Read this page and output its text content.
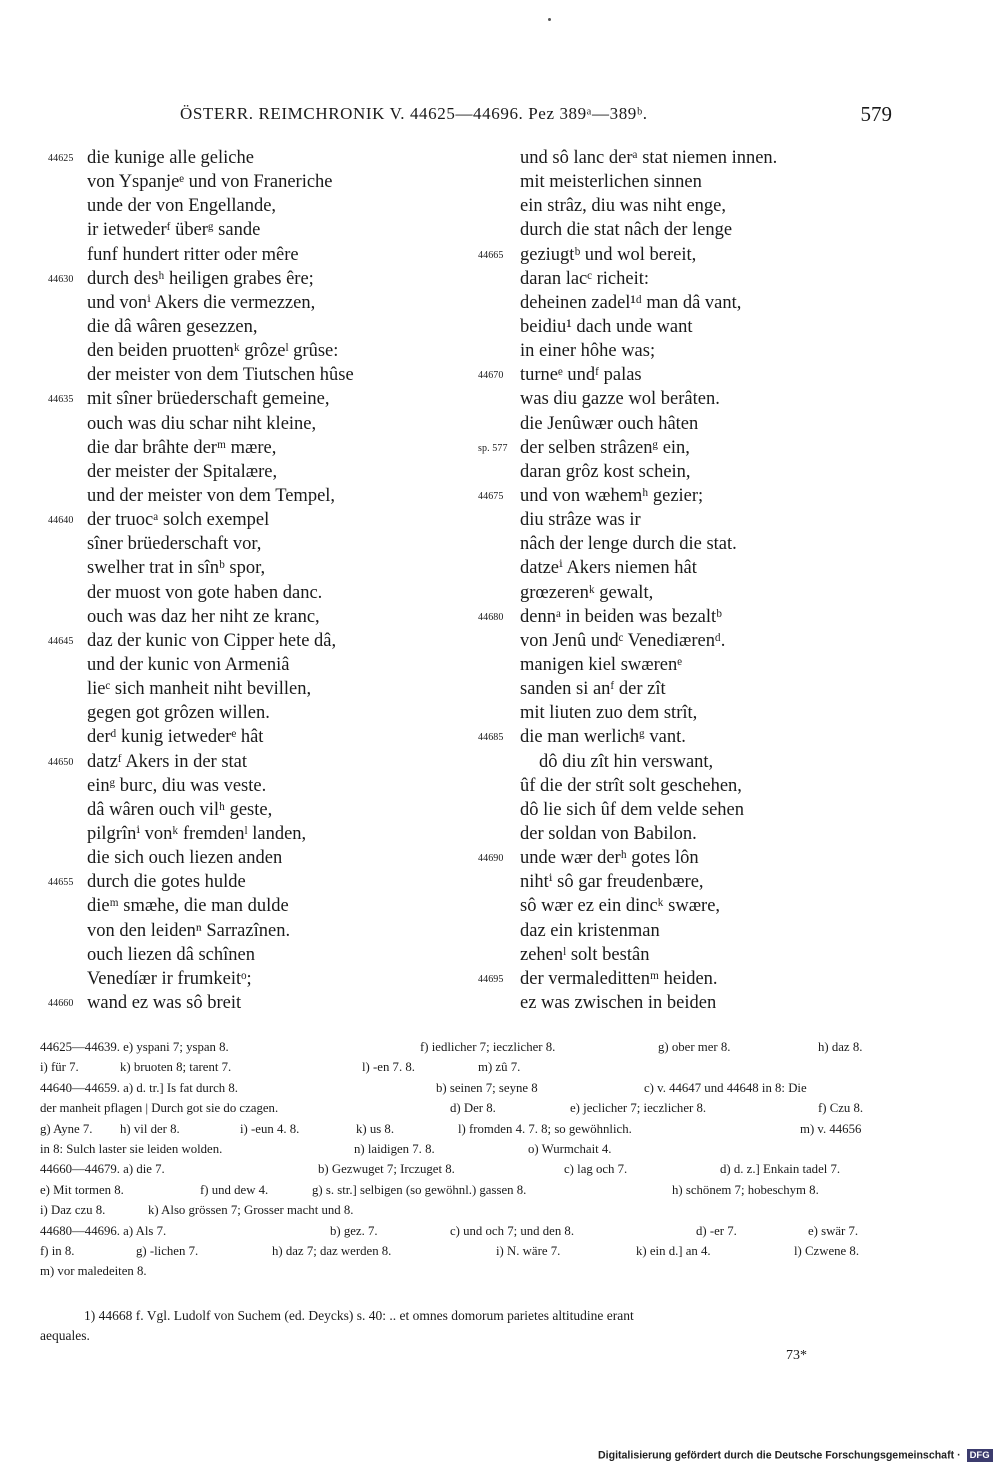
ÖSTERR. REIMCHRONIK V. 44625—44696. Pez 389ᵃ—389ᵇ.	579
44625 die kunige alle geliche
von Yspanjeᵉ und von Franeriche
unde der von Engellande,
ir ietwederᶠ überᵍ sande
funf hundert ritter oder mêre
44630 durch desʰ heiligen grabes êre;
und vonⁱ Akers die vermezzen,
die dâ wâren gesezzen,
den beiden pruottenᵏ grôzeˡ grûse:
der meister von dem Tiutschen hûse
44635 mit sîner brüederschaft gemeine,
ouch was diu schar niht kleine,
die dar brâhte derᵐ mære,
der meister der Spitalære,
und der meister von dem Tempel,
44640 der truocᵃ solch exempel
sîner brüederschaft vor,
swelher trat in sînᵇ spor,
der muost von gote haben danc.
ouch was daz her niht ze kranc,
44645 daz der kunic von Cipper hete dâ,
und der kunic von Armeniâ
lieᶜ sich manheit niht bevillen,
gegen got grôzen willen.
derᵈ kunig ietwederᵉ hât
44650 datzᶠ Akers in der stat
einᵍ burc, diu was veste.
dâ wâren ouch vilʰ geste,
pilgrînⁱ vonᵏ fremdenˡ landen,
die sich ouch liezen anden
44655 durch die gotes hulde
dieᵐ smæhe, die man dulde
von den leidenⁿ Sarrazînen.
ouch liezen dâ schînen
Venedíær ir frumkeitᵒ;
44660 wand ez was sô breit
und sô lanc derᵃ stat niemen innen.
mit meisterlichen sinnen
ein strâz, diu was niht enge,
durch die stat nâch der lenge
44665 geziugtᵇ und wol bereit,
daran lacᶜ richeit:
deheinen zadel¹ᵈ man dâ vant,
beidiu¹ dach unde want
in einer hôhe was;
44670 turneᵉ undᶠ palas
was diu gazze wol berâten.
die Jenûwær ouch hâten
sp. 577 der selben strâzenᵍ ein,
daran grôz kost schein,
44675 und von wæhemʰ gezier;
diu strâze was ir
nâch der lenge durch die stat.
datzeⁱ Akers niemen hât
grœzerenᵏ gewalt,
44680 dennᵃ in beiden was bezaltᵇ
von Jenû undᶜ Venediærenᵈ.
manigen kiel swærenᵉ
sanden si anᶠ der zît
mit liuten zuo dem strît,
44685 die man werlichᵍ vant.
dô diu zît hin verswant,
ûf die der strît solt geschehen,
dô lie sich ûf dem velde sehen
der soldan von Babilon.
44690 unde wær derʰ gotes lôn
nihtⁱ sô gar freudenbære,
sô wær ez ein dincᵏ swære,
daz ein kristenman
zehenˡ solt bestân
44695 der vermaledittenᵐ heiden.
ez was zwischen in beiden
44625—44639. e) yspani 7; yspan 8.	f) iedlicher 7; ieczlicher 8.	g) ober mer 8.	h) daz 8.
i) für 7.	k) bruoten 8; tarent 7.	l) -en 7. 8.	m) zû 7.
44640—44659. a) d. tr.] Is fat durch 8.	b) seinen 7; seyne 8	c) v. 44647 und 44648 in 8: Die
der manheit pflagen | Durch got sie do czagen.	d) Der 8.	e) jeclicher 7; ieczlicher 8.	f) Czu 8.
g) Ayne 7. h) vil der 8.	i) -eun 4. 8.	k) us 8.	l) fromden 4. 7. 8; so gewöhnlich.	m) v. 44656
in 8: Sulch laster sie leiden wolden.	n) laidigen 7. 8.	o) Wurmchait 4.
44660—44679. a) die 7.	b) Gezwuget 7; Irczuget 8.	c) lag och 7.	d) d. z.] Enkain tadel 7.
e) Mit tormen 8.	f) und dew 4.	g) s. str.] selbigen (so gewöhnl.) gassen 8.	h) schönem 7; hobeschym 8.
i) Daz czu 8.	k) Also grössen 7; Grosser macht und 8.
44680—44696. a) Als 7.	b) gez. 7.	c) und och 7; und den 8.	d) -er 7.	e) swär 7.
f) in 8.	g) -lichen 7.	h) daz 7; daz werden 8.	i) N. wäre 7.	k) ein d.] an 4.	l) Czwene 8.
m) vor maledeiten 8.
1) 44668 f. Vgl. Ludolf von Suchem (ed. Deycks) s. 40: .. et omnes domorum parietes altitudine erant
aequales.
73*
Digitalisierung gefördert durch die Deutsche Forschungsgemeinschaft · DFG
